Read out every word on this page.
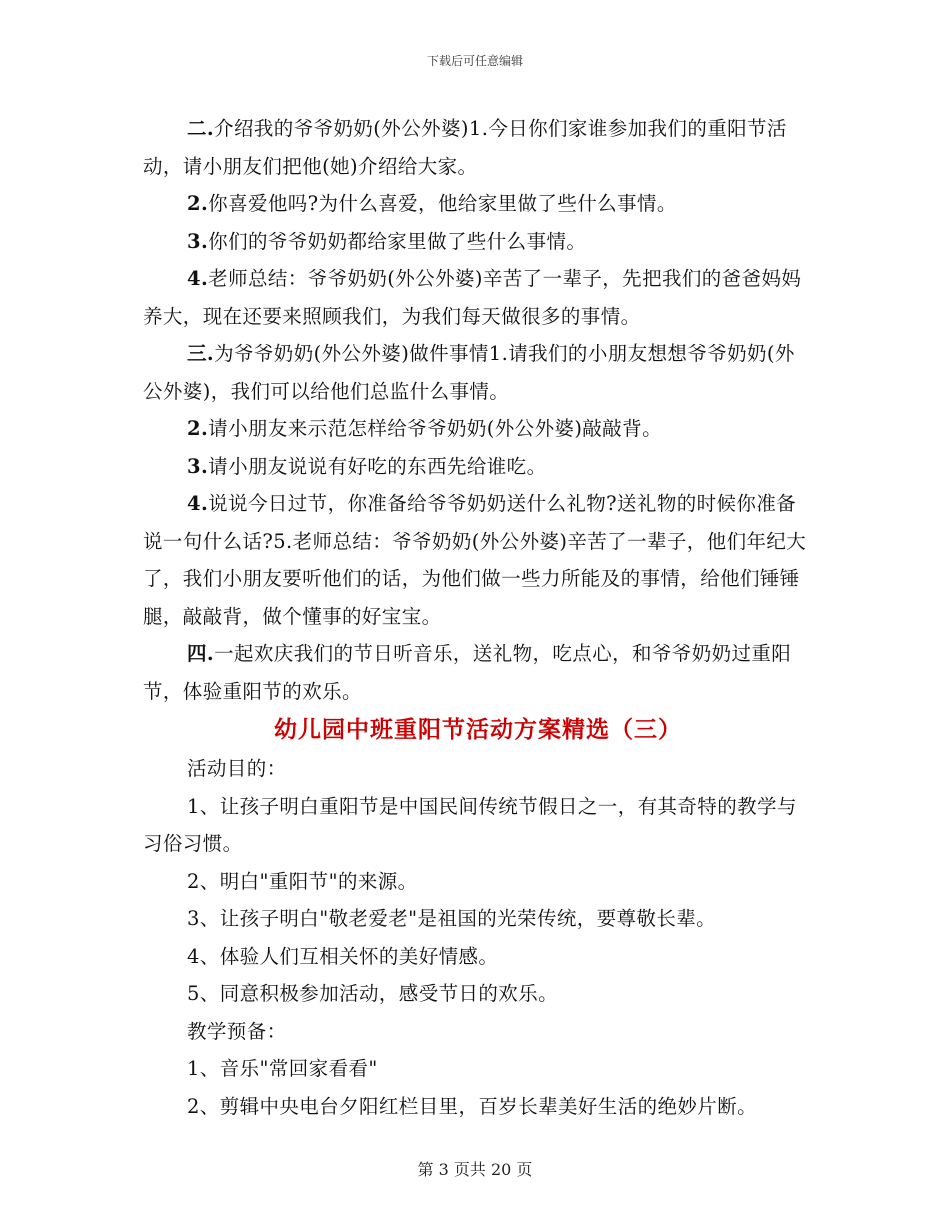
下载后可任意编辑

二.介绍我的爷爷奶奶(外公外婆)1.今日你们家谁参加我们的重阳节活动，请小朋友们把他(她)介绍给大家。

2.你喜爱他吗?为什么喜爱，他给家里做了些什么事情。

3.你们的爷爷奶奶都给家里做了些什么事情。

4.老师总结：爷爷奶奶(外公外婆)辛苦了一辈子，先把我们的爸爸妈妈养大，现在还要来照顾我们，为我们每天做很多的事情。

三.为爷爷奶奶(外公外婆)做件事情1.请我们的小朋友想想爷爷奶奶(外公外婆)，我们可以给他们总监什么事情。

2.请小朋友来示范怎样给爷爷奶奶(外公外婆)敲敲背。

3.请小朋友说说有好吃的东西先给谁吃。

4.说说今日过节，你准备给爷爷奶奶送什么礼物?送礼物的时候你准备说一句什么话?5.老师总结：爷爷奶奶(外公外婆)辛苦了一辈子，他们年纪大了，我们小朋友要听他们的话，为他们做一些力所能及的事情，给他们锤锤腿，敲敲背，做个懂事的好宝宝。

四.一起欢庆我们的节日听音乐，送礼物，吃点心，和爷爷奶奶过重阳节，体验重阳节的欢乐。

幼儿园中班重阳节活动方案精选（三）

活动目的：

1、让孩子明白重阳节是中国民间传统节假日之一，有其奇特的教学与习俗习惯。

2、明白"重阳节"的来源。

3、让孩子明白"敬老爱老"是祖国的光荣传统，要尊敬长辈。

4、体验人们互相关怀的美好情感。

5、同意积极参加活动，感受节日的欢乐。

教学预备：

1、音乐"常回家看看"

2、剪辑中央电台夕阳红栏目里，百岁长辈美好生活的绝妙片断。

第 3 页共 20 页
